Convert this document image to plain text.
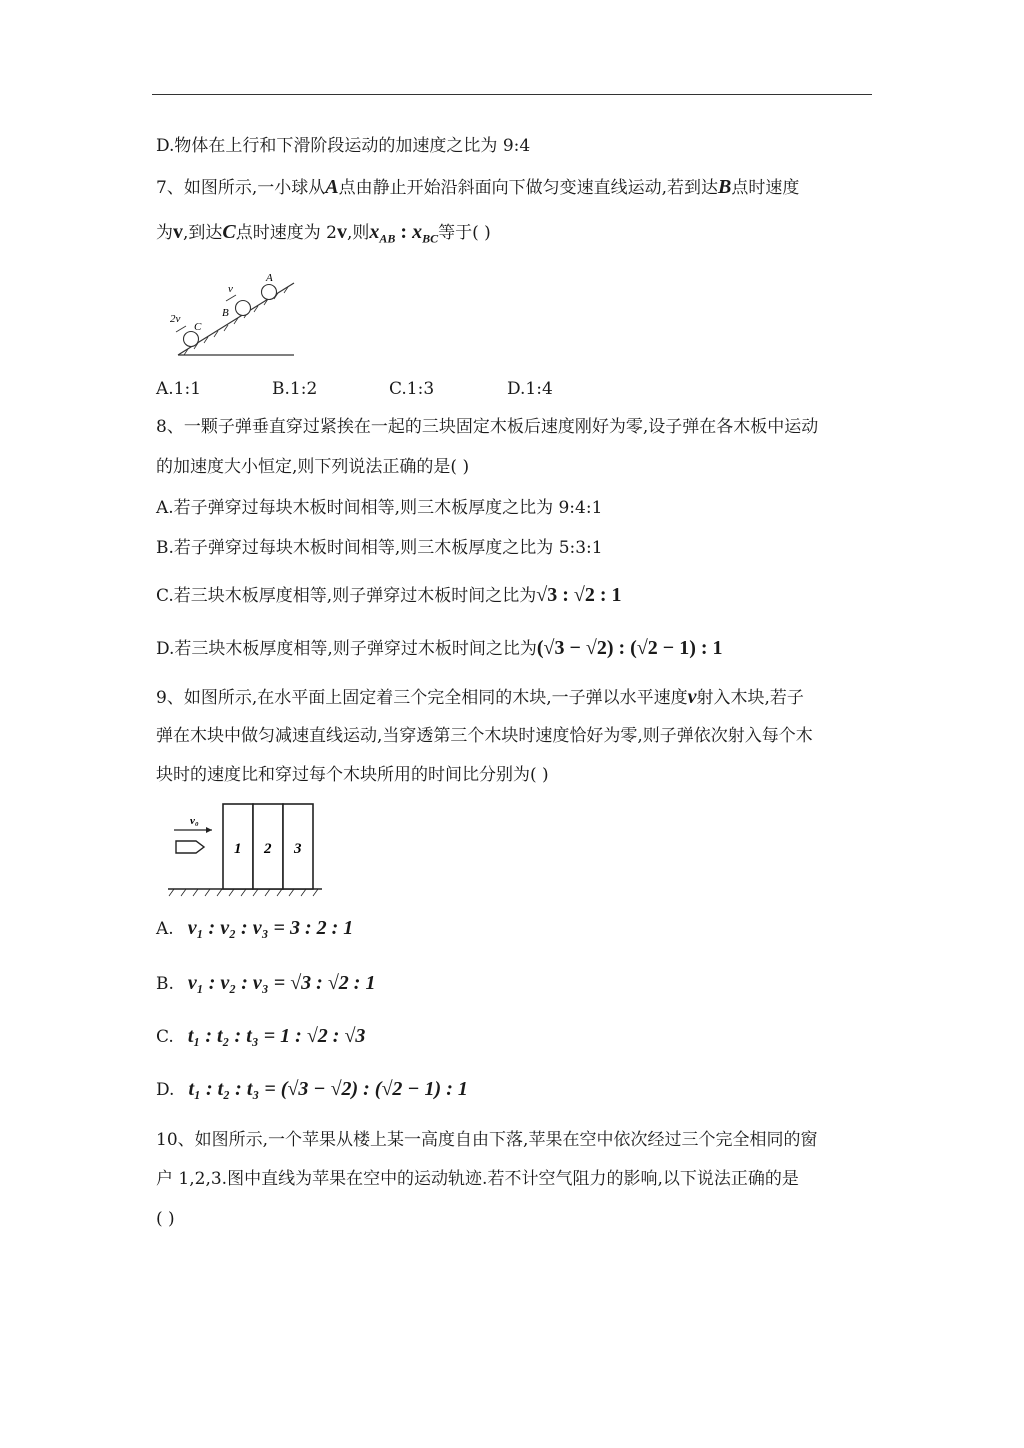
D.物体在上行和下滑阶段运动的加速度之比为 9:4
7、如图所示,一小球从A点由静止开始沿斜面向下做匀变速直线运动,若到达B点时速度
为v,到达C点时速度为 2v,则$x_{AB}$ : $x_{BC}$等于( )
A
B
C
v
2v
A.1:1	B.1:2	C.1:3	D.1:4
8、一颗子弹垂直穿过紧挨在一起的三块固定木板后速度刚好为零,设子弹在各木板中运动
的加速度大小恒定,则下列说法正确的是( )
A.若子弹穿过每块木板时间相等,则三木板厚度之比为 9:4:1
B.若子弹穿过每块木板时间相等,则三木板厚度之比为 5:3:1
C.若三块木板厚度相等,则子弹穿过木板时间之比为√3 : √2 : 1
D.若三块木板厚度相等,则子弹穿过木板时间之比为(√3 − √2) : (√2 − 1) : 1
9、如图所示,在水平面上固定着三个完全相同的木块,一子弹以水平速度v射入木块,若子
弹在木块中做匀减速直线运动,当穿透第三个木块时速度恰好为零,则子弹依次射入每个木
块时的速度比和穿过每个木块所用的时间比分别为( )
1 2 3
v₀
A. v₁ : v₂ : v₃ = 3 : 2 : 1
B. v₁ : v₂ : v₃ = √3 : √2 : 1
C. t₁ : t₂ : t₃ = 1 : √2 : √3
D. t₁ : t₂ : t₃ = (√3 − √2) : (√2 − 1) : 1
10、如图所示,一个苹果从楼上某一高度自由下落,苹果在空中依次经过三个完全相同的窗
户 1,2,3.图中直线为苹果在空中的运动轨迹.若不计空气阻力的影响,以下说法正确的是
( )
